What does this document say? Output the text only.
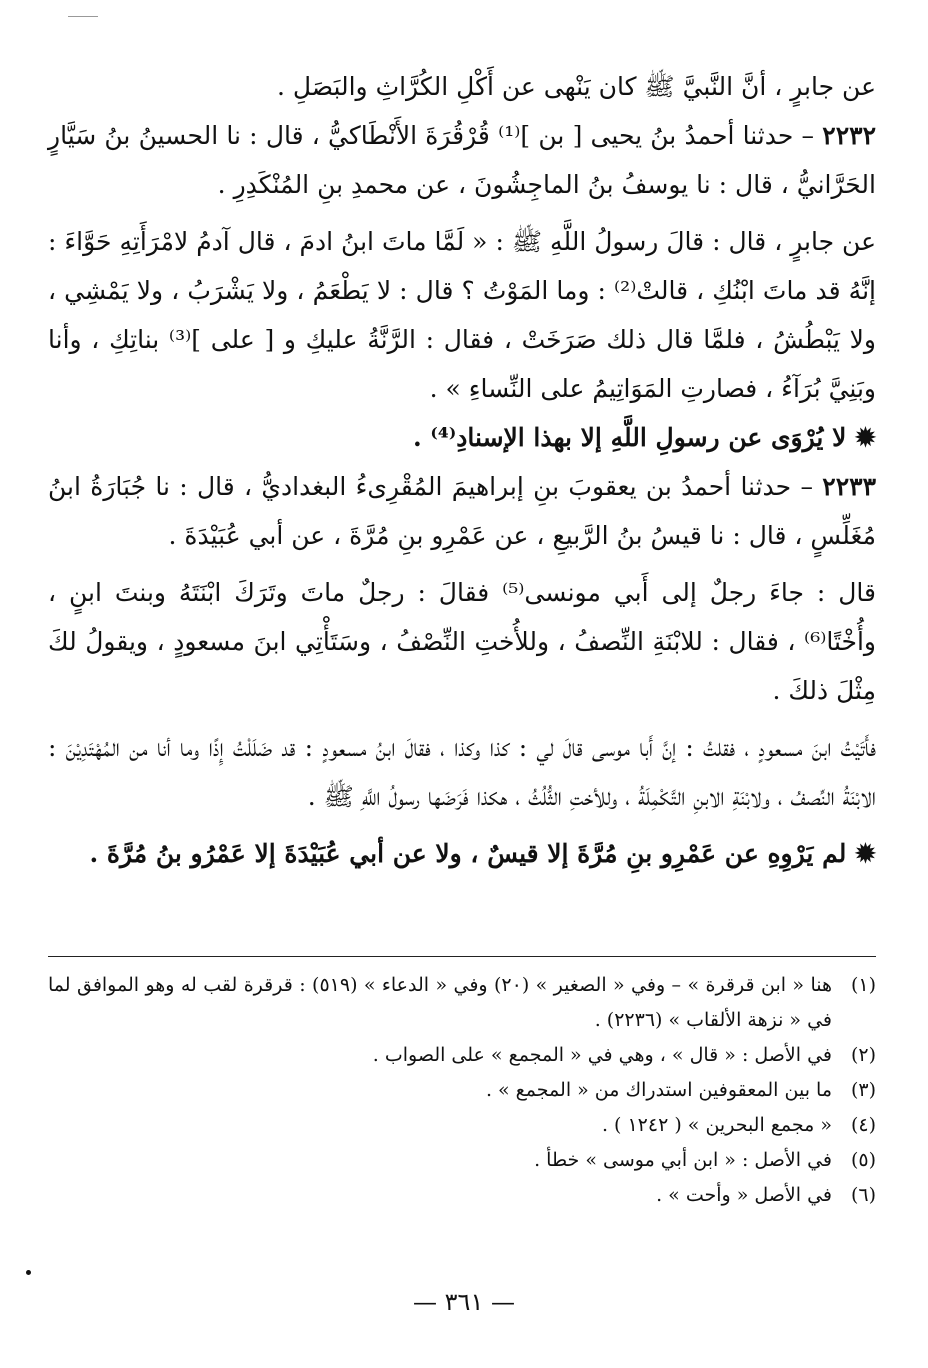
عن جابرٍ ، أنَّ النَّبيَّ ﷺ كان يَنْهى عن أَكْلِ الكُرَّاثِ والبَصَلِ .

٢٢٣٢ – حدثنا أحمدُ بنُ يحيى [ بن ]⁽¹⁾ قُرْقُرَةَ الأَنْطَاكيُّ ، قال : نا الحسينُ بنُ سَيَّارٍ الحَرَّانيُّ ، قال : نا يوسفُ بنُ الماجِشُونَ ، عن محمدِ بنِ المُنْكَدِرِ .

عن جابرٍ ، قال : قالَ رسولُ اللَّهِ ﷺ : « لَمَّا ماتَ ابنُ ادمَ ، قال آدمُ لامْرَأَتِهِ حَوَّاءَ : إنَّهُ قد ماتَ ابْنُكِ ، قالتْ⁽²⁾ : وما المَوْتُ ؟ قال : لا يَطْعَمُ ، ولا يَشْرَبُ ، ولا يَمْشِي ، ولا يَبْطُشُ ، فلمَّا قال ذلك صَرَخَتْ ، فقال : الرَّنَّةُ عليكِ و [ على ]⁽³⁾ بناتِكِ ، وأنا وبَنِيَّ بُرَآءُ ، فصارتِ المَوَاتِيمُ على النِّساءِ » .

✹ لا يُرْوَى عن رسولِ اللَّهِ إلا بهذا الإسنادِ⁽⁴⁾ .

٢٢٣٣ – حدثنا أحمدُ بن يعقوبَ بنِ إبراهيمَ المُقْرِىءُ البغداديُّ ، قال : نا جُبَارَةُ ابنُ مُغَلِّسٍ ، قال : نا قيسُ بنُ الرَّبيعِ ، عن عَمْرِو بنِ مُرَّةَ ، عن أبي عُبَيْدَةَ .

قال : جاءَ رجلٌ إلى أَبي مونسى⁽⁵⁾ فقالَ : رجلٌ ماتَ وتَرَكَ ابْنَتَهُ وبنتَ ابنٍ ، وأُخْتًا⁽⁶⁾ ، فقال : للابْنَةِ النِّصفُ ، وللأُختِ النِّصْفُ ، وسَتَأْتِي ابنَ مسعودٍ ، ويقولُ لكَ مِثْلَ ذلكَ .

فأَتَيْتُ ابنَ مسعودٍ ، فقلتُ : إنَّ أَبا موسى قالَ لي : كذا وكذا ، فقالَ ابنُ مسعودٍ : قد ضَلَلْتُ إِذًا وما أنا من المُهْتَدِيْنَ : الابْنَةُ النِّصفُ ، ولابْنَةِ الابنِ التَّكْمِلَةُ ، وللأختِ الثُّلُثُ ، هكذا فَرَضَها رسولُ اللَّهِ ﷺ .

✹ لم يَرْوِهِ عن عَمْرِو بنِ مُرَّةَ إلا قيسٌ ، ولا عن أبي عُبَيْدَةَ إلا عَمْرُو بنُ مُرَّةَ .

(١)
هنا « ابن قرقرة » – وفي « الصغير » (٢٠) وفي « الدعاء » (٥١٩) : قرقرة لقب له وهو الموافق لما في « نزهة الألقاب » (٢٢٣٦) .

(٢)
في الأصل : « قال » ، وهي في « المجمع » على الصواب .

(٣)
ما بين المعقوفين استدراك من « المجمع » .

(٤)
« مجمع البحرين » ( ١٢٤٢ ) .

(٥)
في الأصل : « ابن أبي موسى » خطأ .

(٦)
في الأصل « وأحت » .

— ٣٦١ —
